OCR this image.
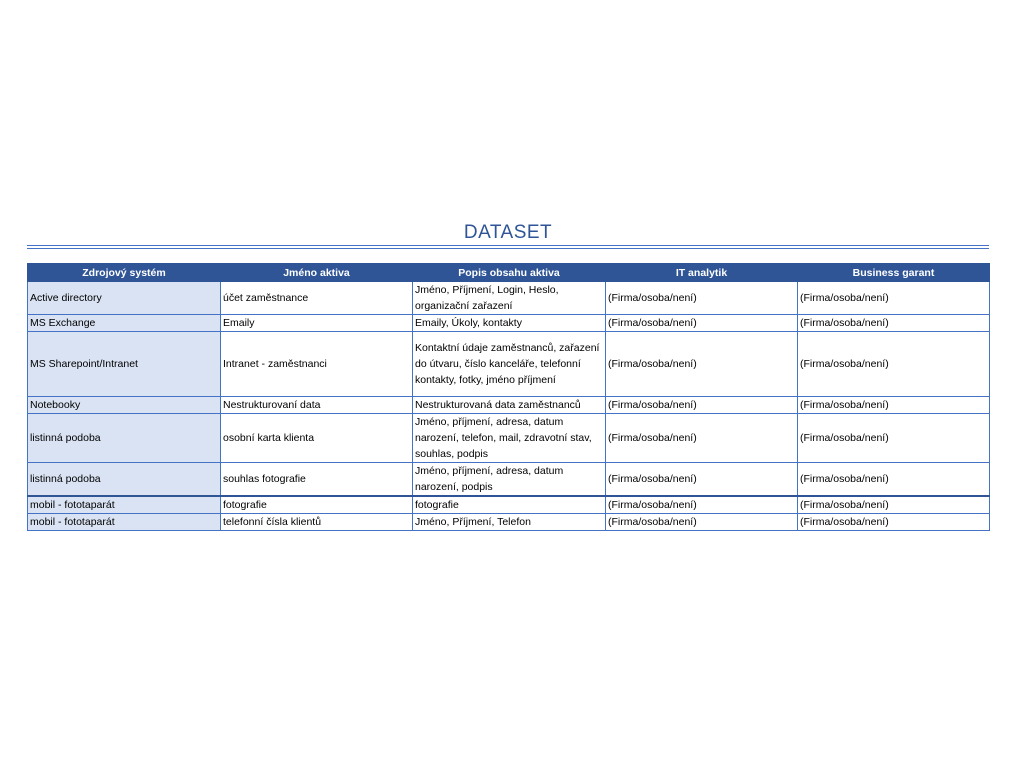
DATASET
Zdrojový systém	Jméno aktiva	Popis obsahu aktiva	IT analytik	Business garant
Active directory	účet zaměstnance	Jméno, Příjmení, Login, Heslo, organizační zařazení	(Firma/osoba/není)	(Firma/osoba/není)
MS Exchange	Emaily	Emaily, Úkoly, kontakty	(Firma/osoba/není)	(Firma/osoba/není)
MS Sharepoint/Intranet	Intranet - zaměstnanci	Kontaktní údaje zaměstnanců, zařazení do útvaru, číslo kanceláře, telefonní kontakty, fotky, jméno příjmení	(Firma/osoba/není)	(Firma/osoba/není)
Notebooky	Nestrukturovaní data	Nestrukturovaná data zaměstnanců	(Firma/osoba/není)	(Firma/osoba/není)
listinná podoba	osobní karta klienta	Jméno, příjmení, adresa, datum narození, telefon, mail, zdravotní stav, souhlas, podpis	(Firma/osoba/není)	(Firma/osoba/není)
listinná podoba	souhlas fotografie	Jméno, příjmení, adresa, datum narození, podpis	(Firma/osoba/není)	(Firma/osoba/není)
mobil - fototaparát	fotografie	fotografie	(Firma/osoba/není)	(Firma/osoba/není)
mobil - fototaparát	telefonní čísla klientů	Jméno, Příjmení, Telefon	(Firma/osoba/není)	(Firma/osoba/není)
